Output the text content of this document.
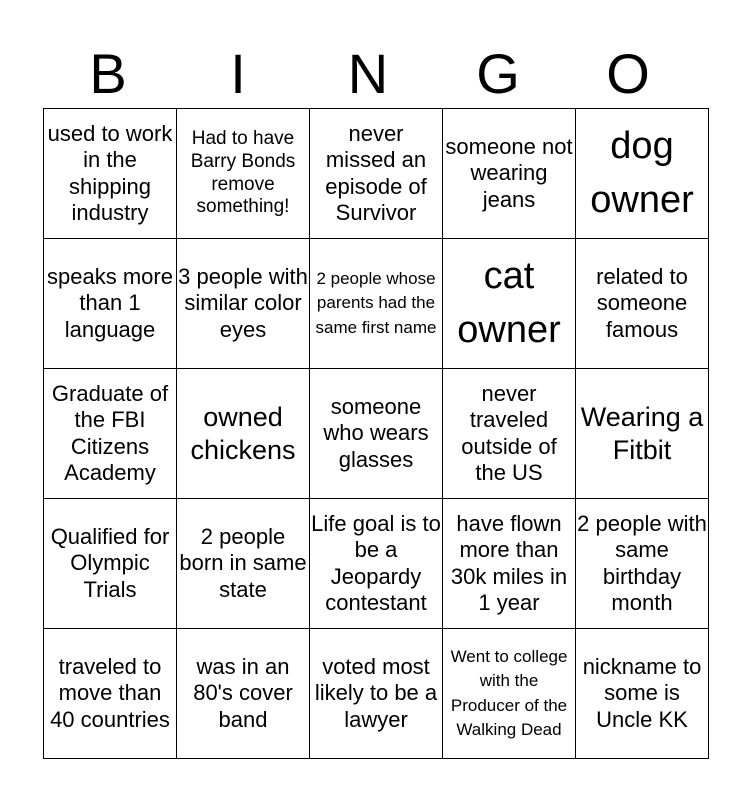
B	I	N	G	O
used to work in the shipping industry	Had to have Barry Bonds remove something!	never missed an episode of Survivor	someone not wearing jeans	dog owner
speaks more than 1 language	3 people with similar color eyes	2 people whose parents had the same first name	cat owner	related to someone famous
Graduate of the FBI Citizens Academy	owned chickens	someone who wears glasses	never traveled outside of the US	Wearing a Fitbit
Qualified for Olympic Trials	2 people born in same state	Life goal is to be a Jeopardy contestant	have flown more than 30k miles in 1 year	2 people with same birthday month
traveled to move than 40 countries	was in an 80's cover band	voted most likely to be a lawyer	Went to college with the Producer of the Walking Dead	nickname to some is Uncle KK
